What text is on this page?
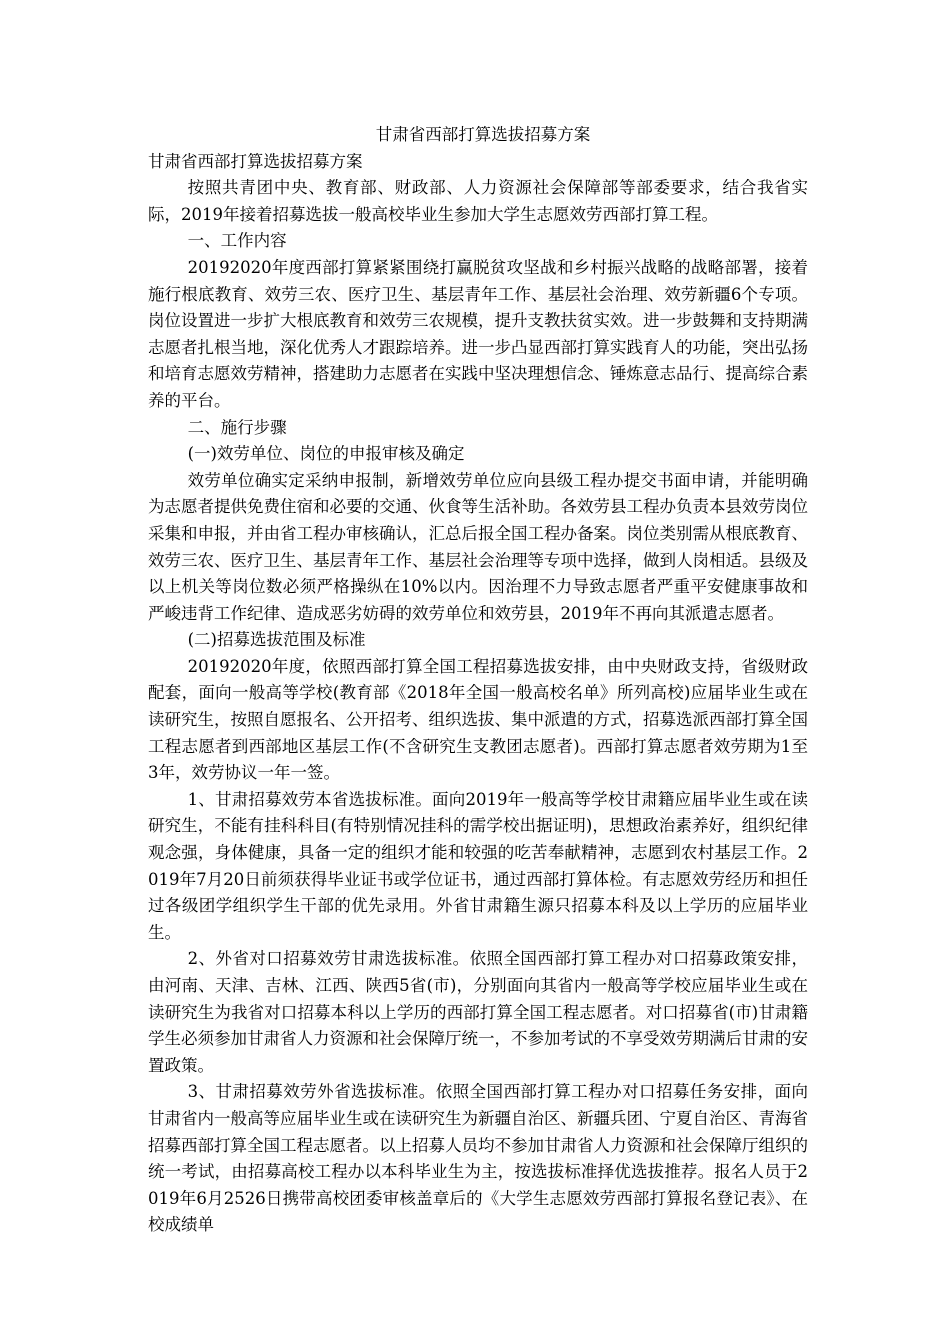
甘肃省西部打算选拔招募方案

甘肃省西部打算选拔招募方案

按照共青团中央、教育部、财政部、人力资源社会保障部等部委要求，结合我省实际，2019年接着招募选拔一般高校毕业生参加大学生志愿效劳西部打算工程。

一、工作内容

20192020年度西部打算紧紧围绕打赢脱贫攻坚战和乡村振兴战略的战略部署，接着施行根底教育、效劳三农、医疗卫生、基层青年工作、基层社会治理、效劳新疆6个专项。岗位设置进一步扩大根底教育和效劳三农规模，提升支教扶贫实效。进一步鼓舞和支持期满志愿者扎根当地，深化优秀人才跟踪培养。进一步凸显西部打算实践育人的功能，突出弘扬和培育志愿效劳精神，搭建助力志愿者在实践中坚决理想信念、锤炼意志品行、提高综合素养的平台。

二、施行步骤

(一)效劳单位、岗位的申报审核及确定

效劳单位确实定采纳申报制，新增效劳单位应向县级工程办提交书面申请，并能明确为志愿者提供免费住宿和必要的交通、伙食等生活补助。各效劳县工程办负责本县效劳岗位采集和申报，并由省工程办审核确认，汇总后报全国工程办备案。岗位类别需从根底教育、效劳三农、医疗卫生、基层青年工作、基层社会治理等专项中选择，做到人岗相适。县级及以上机关等岗位数必须严格操纵在10%以内。因治理不力导致志愿者严重平安健康事故和严峻违背工作纪律、造成恶劣妨碍的效劳单位和效劳县，2019年不再向其派遣志愿者。

(二)招募选拔范围及标准

20192020年度，依照西部打算全国工程招募选拔安排，由中央财政支持，省级财政配套，面向一般高等学校(教育部《2018年全国一般高校名单》所列高校)应届毕业生或在读研究生，按照自愿报名、公开招考、组织选拔、集中派遣的方式，招募选派西部打算全国工程志愿者到西部地区基层工作(不含研究生支教团志愿者)。西部打算志愿者效劳期为1至3年，效劳协议一年一签。

1、甘肃招募效劳本省选拔标准。面向2019年一般高等学校甘肃籍应届毕业生或在读研究生，不能有挂科科目(有特别情况挂科的需学校出据证明)，思想政治素养好，组织纪律观念强，身体健康，具备一定的组织才能和较强的吃苦奉献精神，志愿到农村基层工作。2019年7月20日前须获得毕业证书或学位证书，通过西部打算体检。有志愿效劳经历和担任过各级团学组织学生干部的优先录用。外省甘肃籍生源只招募本科及以上学历的应届毕业生。

2、外省对口招募效劳甘肃选拔标准。依照全国西部打算工程办对口招募政策安排，由河南、天津、吉林、江西、陕西5省(市)，分别面向其省内一般高等学校应届毕业生或在读研究生为我省对口招募本科以上学历的西部打算全国工程志愿者。对口招募省(市)甘肃籍学生必须参加甘肃省人力资源和社会保障厅统一，不参加考试的不享受效劳期满后甘肃的安置政策。

3、甘肃招募效劳外省选拔标准。依照全国西部打算工程办对口招募任务安排，面向甘肃省内一般高等应届毕业生或在读研究生为新疆自治区、新疆兵团、宁夏自治区、青海省招募西部打算全国工程志愿者。以上招募人员均不参加甘肃省人力资源和社会保障厅组织的统一考试，由招募高校工程办以本科毕业生为主，按选拔标准择优选拔推荐。报名人员于2019年6月2526日携带高校团委审核盖章后的《大学生志愿效劳西部打算报名登记表》、在校成绩单
